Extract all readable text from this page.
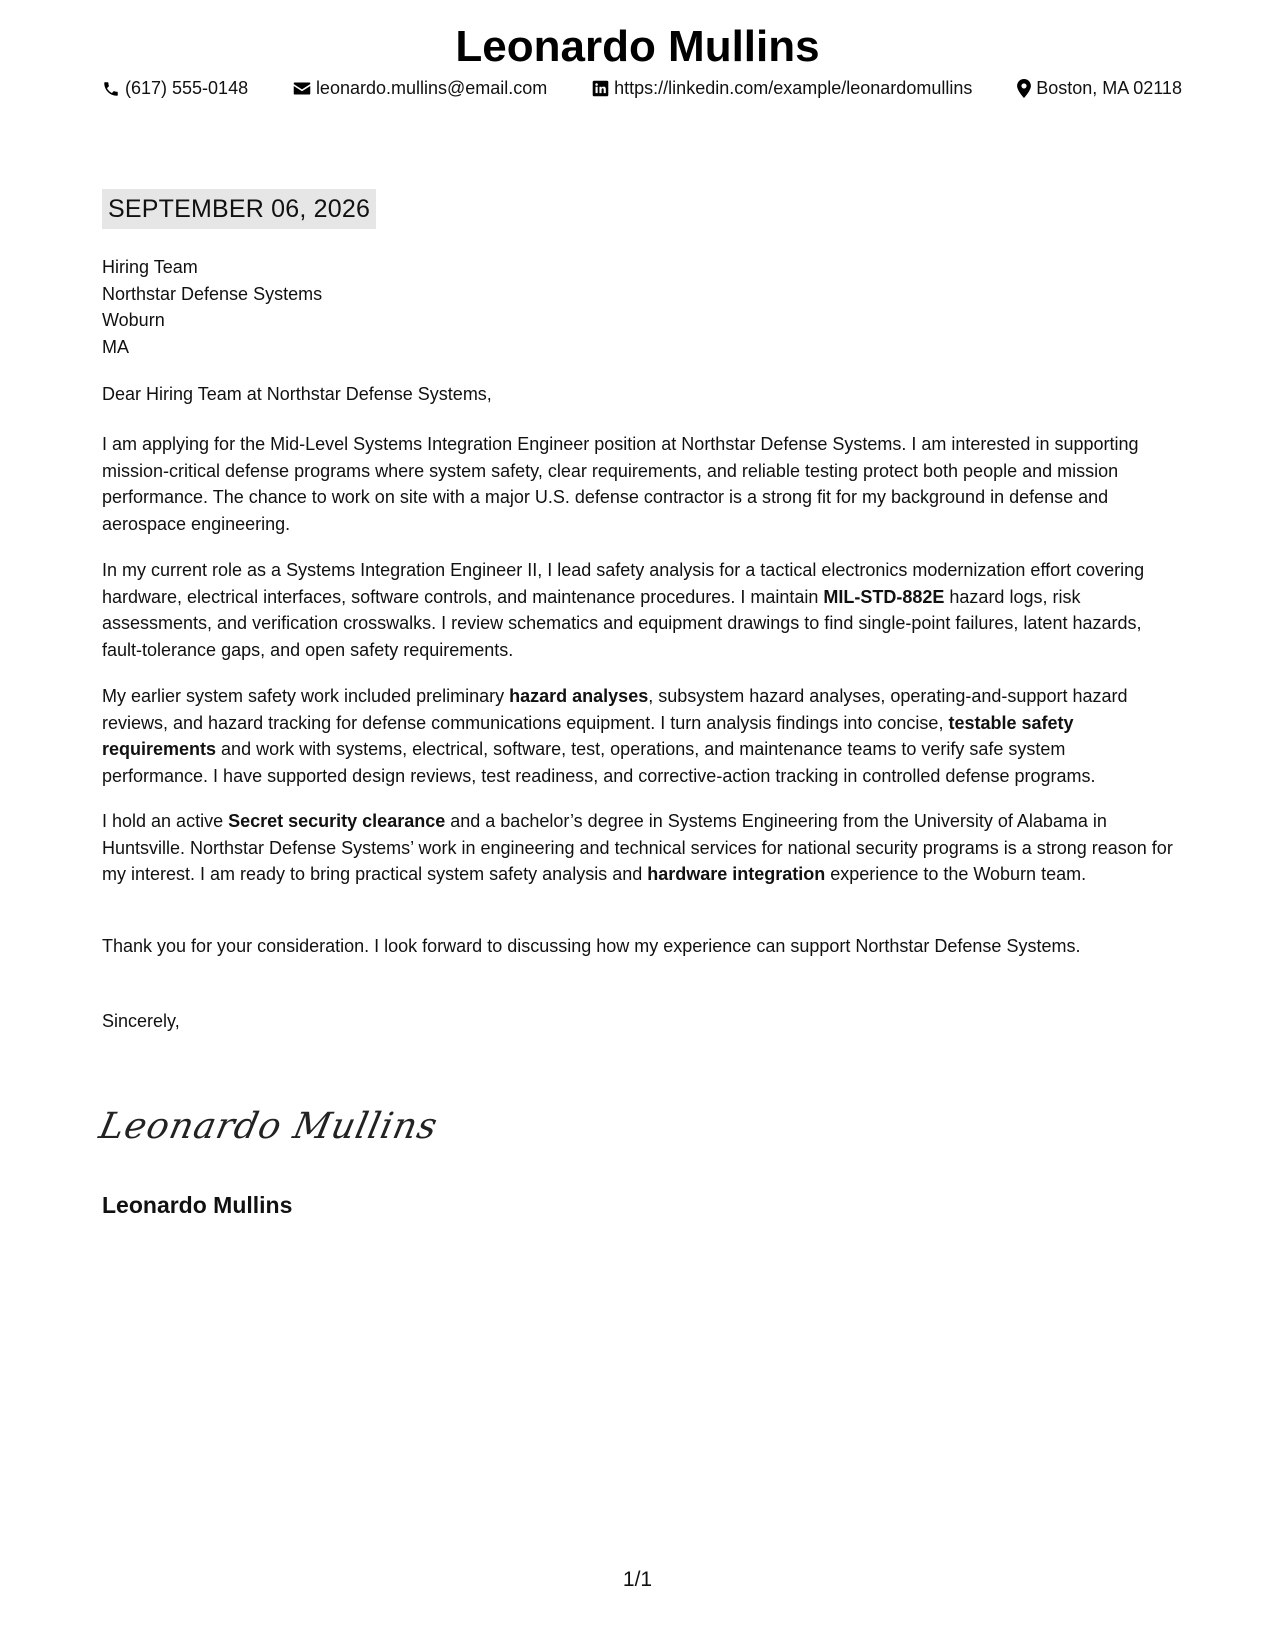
Leonardo Mullins
(617) 555-0148	leonardo.mullins@email.com	https://linkedin.com/example/leonardomullins	Boston, MA 02118
SEPTEMBER 06, 2026
Hiring Team
Northstar Defense Systems
Woburn
MA

Dear Hiring Team at Northstar Defense Systems,

I am applying for the Mid-Level Systems Integration Engineer position at Northstar Defense Systems. I am interested in supporting mission-critical defense programs where system safety, clear requirements, and reliable testing protect both people and mission performance. The chance to work on site with a major U.S. defense contractor is a strong fit for my background in defense and aerospace engineering.

In my current role as a Systems Integration Engineer II, I lead safety analysis for a tactical electronics modernization effort covering hardware, electrical interfaces, software controls, and maintenance procedures. I maintain MIL-STD-882E hazard logs, risk assessments, and verification crosswalks. I review schematics and equipment drawings to find single-point failures, latent hazards, fault-tolerance gaps, and open safety requirements.

My earlier system safety work included preliminary hazard analyses, subsystem hazard analyses, operating-and-support hazard reviews, and hazard tracking for defense communications equipment. I turn analysis findings into concise, testable safety requirements and work with systems, electrical, software, test, operations, and maintenance teams to verify safe system performance. I have supported design reviews, test readiness, and corrective-action tracking in controlled defense programs.

I hold an active Secret security clearance and a bachelor’s degree in Systems Engineering from the University of Alabama in Huntsville. Northstar Defense Systems’ work in engineering and technical services for national security programs is a strong reason for my interest. I am ready to bring practical system safety analysis and hardware integration experience to the Woburn team.

Thank you for your consideration. I look forward to discussing how my experience can support Northstar Defense Systems.

Sincerely,

Leonardo Mullins
Leonardo Mullins
1/1
